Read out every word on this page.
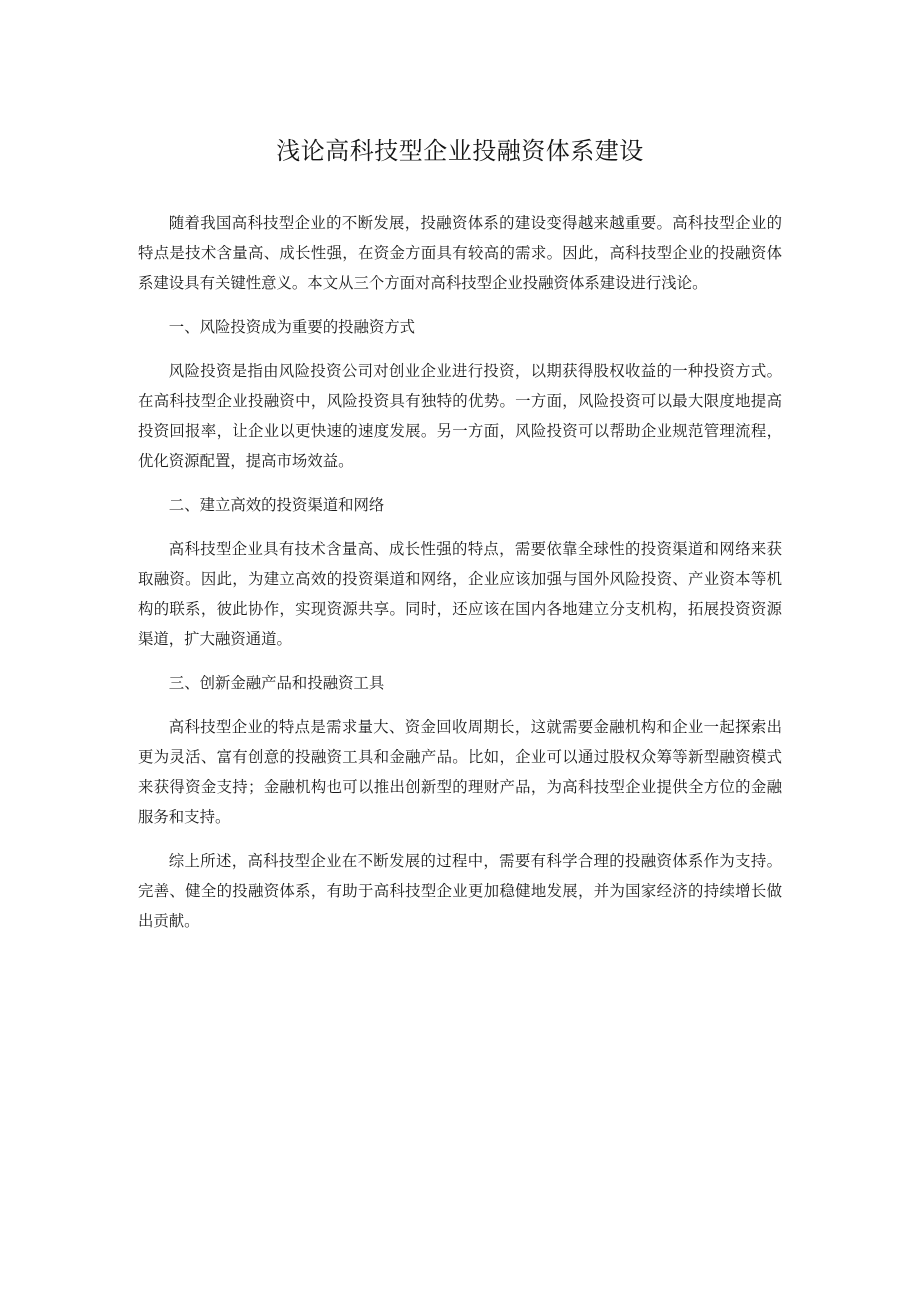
浅论高科技型企业投融资体系建设

随着我国高科技型企业的不断发展，投融资体系的建设变得越来越重要。高科技型企业的特点是技术含量高、成长性强，在资金方面具有较高的需求。因此，高科技型企业的投融资体系建设具有关键性意义。本文从三个方面对高科技型企业投融资体系建设进行浅论。

一、风险投资成为重要的投融资方式

风险投资是指由风险投资公司对创业企业进行投资，以期获得股权收益的一种投资方式。在高科技型企业投融资中，风险投资具有独特的优势。一方面，风险投资可以最大限度地提高投资回报率，让企业以更快速的速度发展。另一方面，风险投资可以帮助企业规范管理流程，优化资源配置，提高市场效益。

二、建立高效的投资渠道和网络

高科技型企业具有技术含量高、成长性强的特点，需要依靠全球性的投资渠道和网络来获取融资。因此，为建立高效的投资渠道和网络，企业应该加强与国外风险投资、产业资本等机构的联系，彼此协作，实现资源共享。同时，还应该在国内各地建立分支机构，拓展投资资源渠道，扩大融资通道。

三、创新金融产品和投融资工具

高科技型企业的特点是需求量大、资金回收周期长，这就需要金融机构和企业一起探索出更为灵活、富有创意的投融资工具和金融产品。比如，企业可以通过股权众筹等新型融资模式来获得资金支持；金融机构也可以推出创新型的理财产品，为高科技型企业提供全方位的金融服务和支持。

综上所述，高科技型企业在不断发展的过程中，需要有科学合理的投融资体系作为支持。完善、健全的投融资体系，有助于高科技型企业更加稳健地发展，并为国家经济的持续增长做出贡献。
